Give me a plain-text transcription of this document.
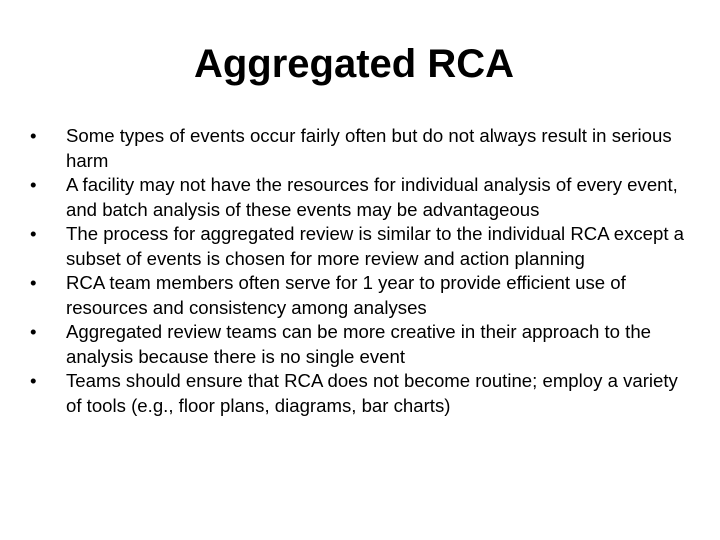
Aggregated RCA
•	Some types of events occur fairly often but do not always result in serious harm
•	A facility may not have the resources for individual analysis of every event, and batch analysis of these events may be advantageous
•	The process for aggregated review is similar to the individual RCA except a subset of events is chosen for more review and action planning
•	RCA team members often serve for 1 year to provide efficient use of resources and consistency among analyses
•	Aggregated review teams can be more creative in their approach to the analysis because there is no single event
•	Teams should ensure that RCA does not become routine; employ a variety of tools (e.g., floor plans, diagrams, bar charts)
